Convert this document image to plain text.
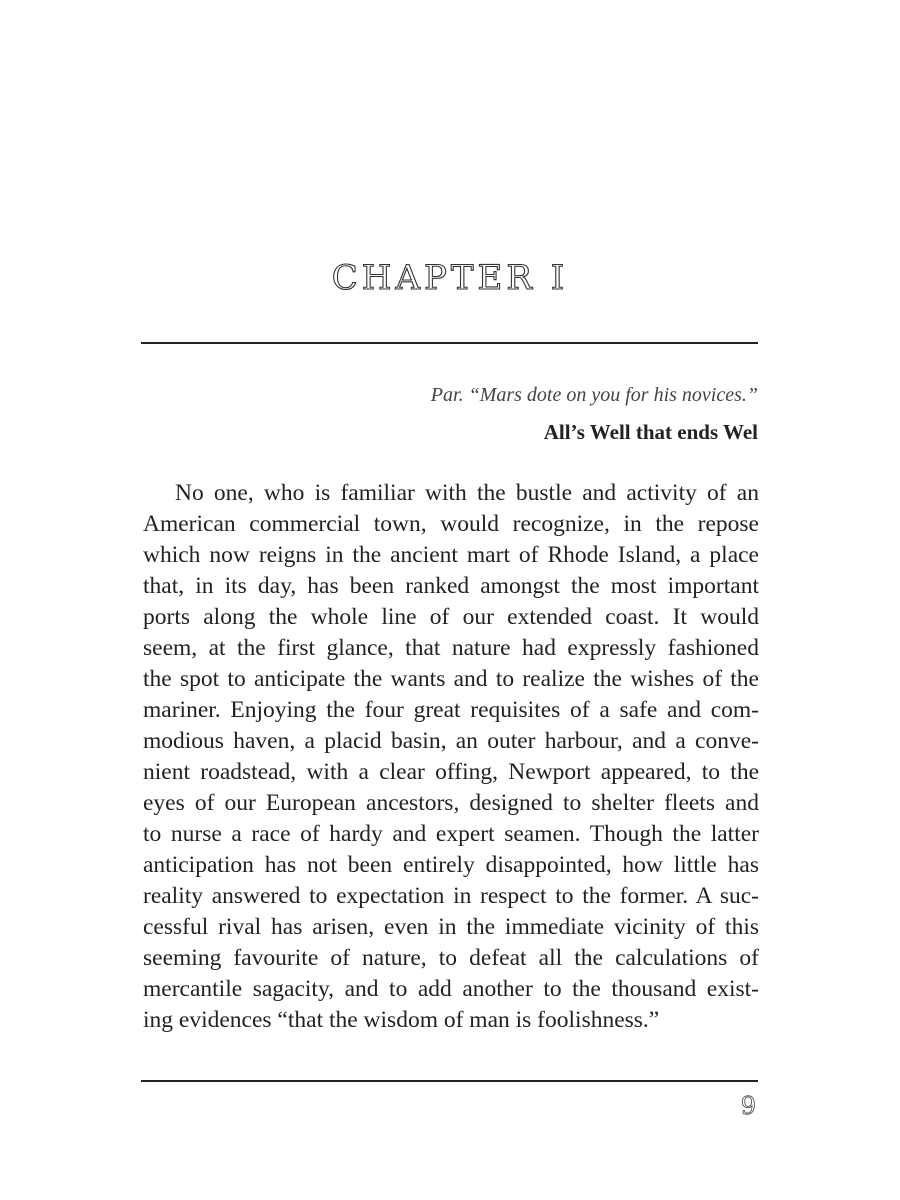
CHAPTER I
Par. “Mars dote on you for his novices.”
All’s Well that ends Wel
No one, who is familiar with the bustle and activity of an
American commercial town, would recognize, in the repose
which now reigns in the ancient mart of Rhode Island, a place
that, in its day, has been ranked amongst the most important
ports along the whole line of our extended coast. It would
seem, at the first glance, that nature had expressly fashioned
the spot to anticipate the wants and to realize the wishes of the
mariner. Enjoying the four great requisites of a safe and com-
modious haven, a placid basin, an outer harbour, and a conve-
nient roadstead, with a clear offing, Newport appeared, to the
eyes of our European ancestors, designed to shelter fleets and
to nurse a race of hardy and expert seamen. Though the latter
anticipation has not been entirely disappointed, how little has
reality answered to expectation in respect to the former. A suc-
cessful rival has arisen, even in the immediate vicinity of this
seeming favourite of nature, to defeat all the calculations of
mercantile sagacity, and to add another to the thousand exist-
ing evidences “that the wisdom of man is foolishness.”
9
